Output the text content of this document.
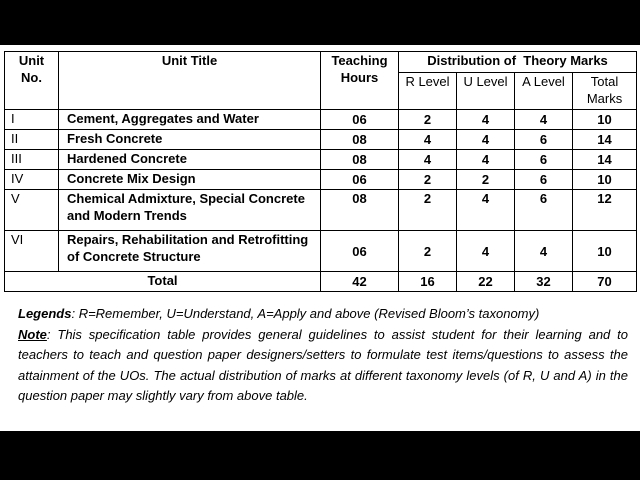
Unit No.	Unit Title	Teaching Hours	Distribution of  Theory Marks			
			R Level	U Level	A Level	Total Marks
I	Cement, Aggregates and Water	06	2	4	4	10
II	Fresh Concrete	08	4	4	6	14
III	Hardened Concrete	08	4	4	6	14
IV	Concrete Mix Design	06	2	2	6	10
V	Chemical Admixture, Special Concrete and Modern Trends	08	2	4	6	12
VI	Repairs, Rehabilitation and Retrofitting of Concrete Structure	06	2	4	4	10
Total		42	16	22	32	70
Legends: R=Remember, U=Understand, A=Apply and above (Revised Bloom’s taxonomy)
Note: This specification table provides general guidelines to assist student for their learning and to teachers to teach and question paper designers/setters to formulate test items/questions to assess the attainment of the UOs. The actual distribution of marks at different taxonomy levels (of R, U and A) in the question paper may slightly vary from above table.
